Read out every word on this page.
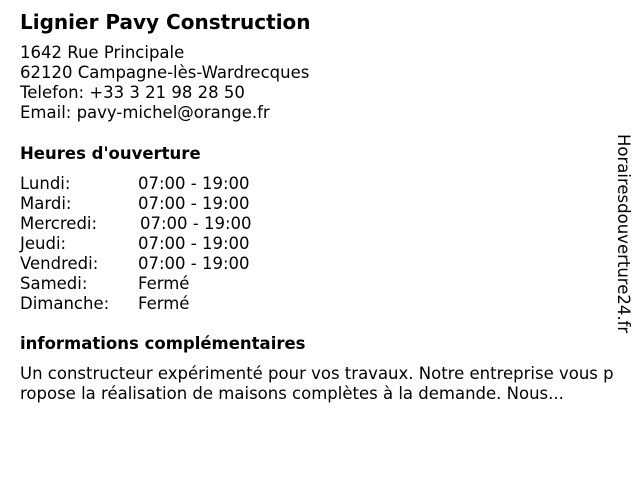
Lignier Pavy Construction
1642 Rue Principale
62120 Campagne-lès-Wardrecques
Telefon: +33 3 21 98 28 50
Email: pavy-michel@orange.fr
Heures d'ouverture
Lundi:	07:00 - 19:00
Mardi:	07:00 - 19:00
Mercredi:	07:00 - 19:00
Jeudi:	07:00 - 19:00
Vendredi: 07:00 - 19:00
Samedi:	Fermé
Dimanche: Fermé
informations complémentaires
Un constructeur expérimenté pour vos travaux. Notre entreprise vous propose la réalisation de maisons complètes à la demande. Nous...
Horairesdouverture24.fr
